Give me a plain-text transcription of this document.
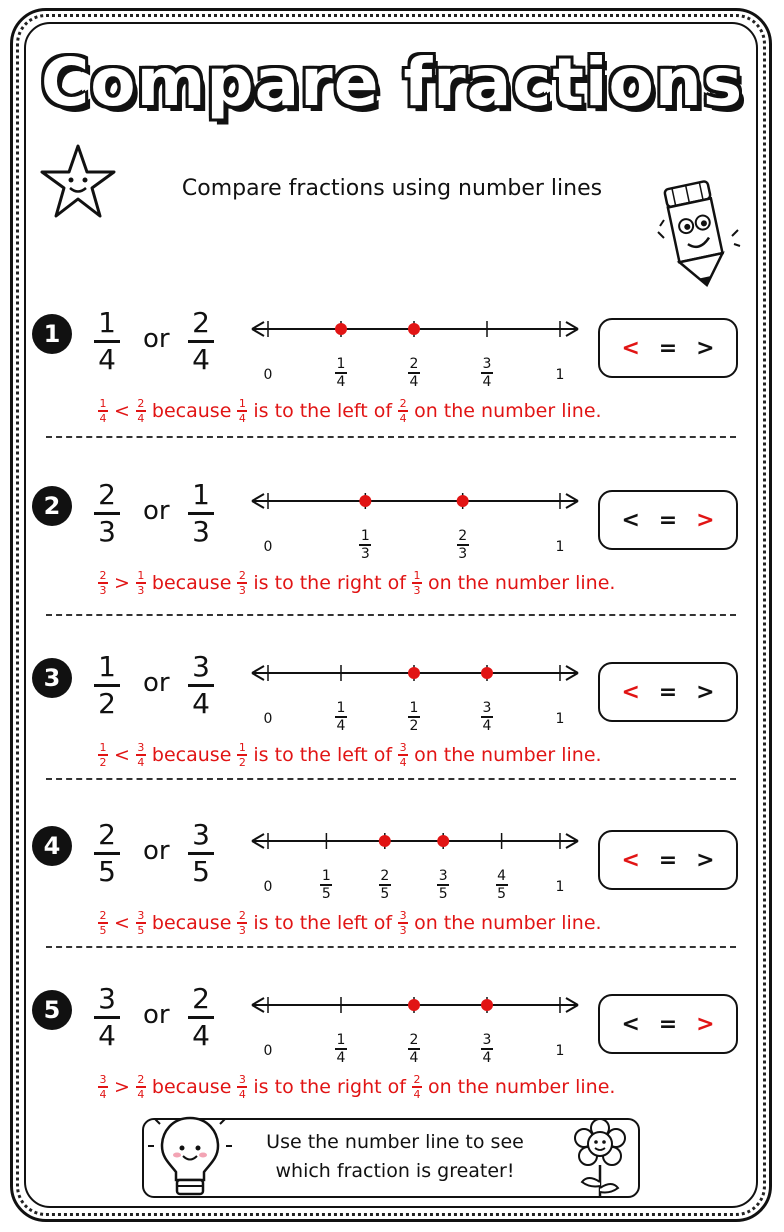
Compare fractions
Compare fractions using number lines
1	1
4
or 2
4	0	1
1
4
2
4
3
4
< = >
1
4 < 2
4 because 1
4 is to the left of 2
4 on the number line.
2	2
3
or 1
3	0	1
1
3
2
3
< = >
2
3 > 1
3 because 2
3 is to the right of 1
3 on the number line.
3	1
2
or 3
4	0	1
1
4
1
2
3
4
< = >
1
2 < 3
4 because 1
2 is to the left of 3
4 on the number line.
4	2
5
or 3
5	0	1
1
5
2
5
3
5
4
5
< = >
2
5 < 3
5 because 2
3 is to the left of 3
3 on the number line.
5	3
4
or 2
4	0	1
1
4
2
4
3
4
< = >
3
4 > 2
4 because 3
4 is to the right of 2
4 on the number line.
Use the number line to see
which fraction is greater!
